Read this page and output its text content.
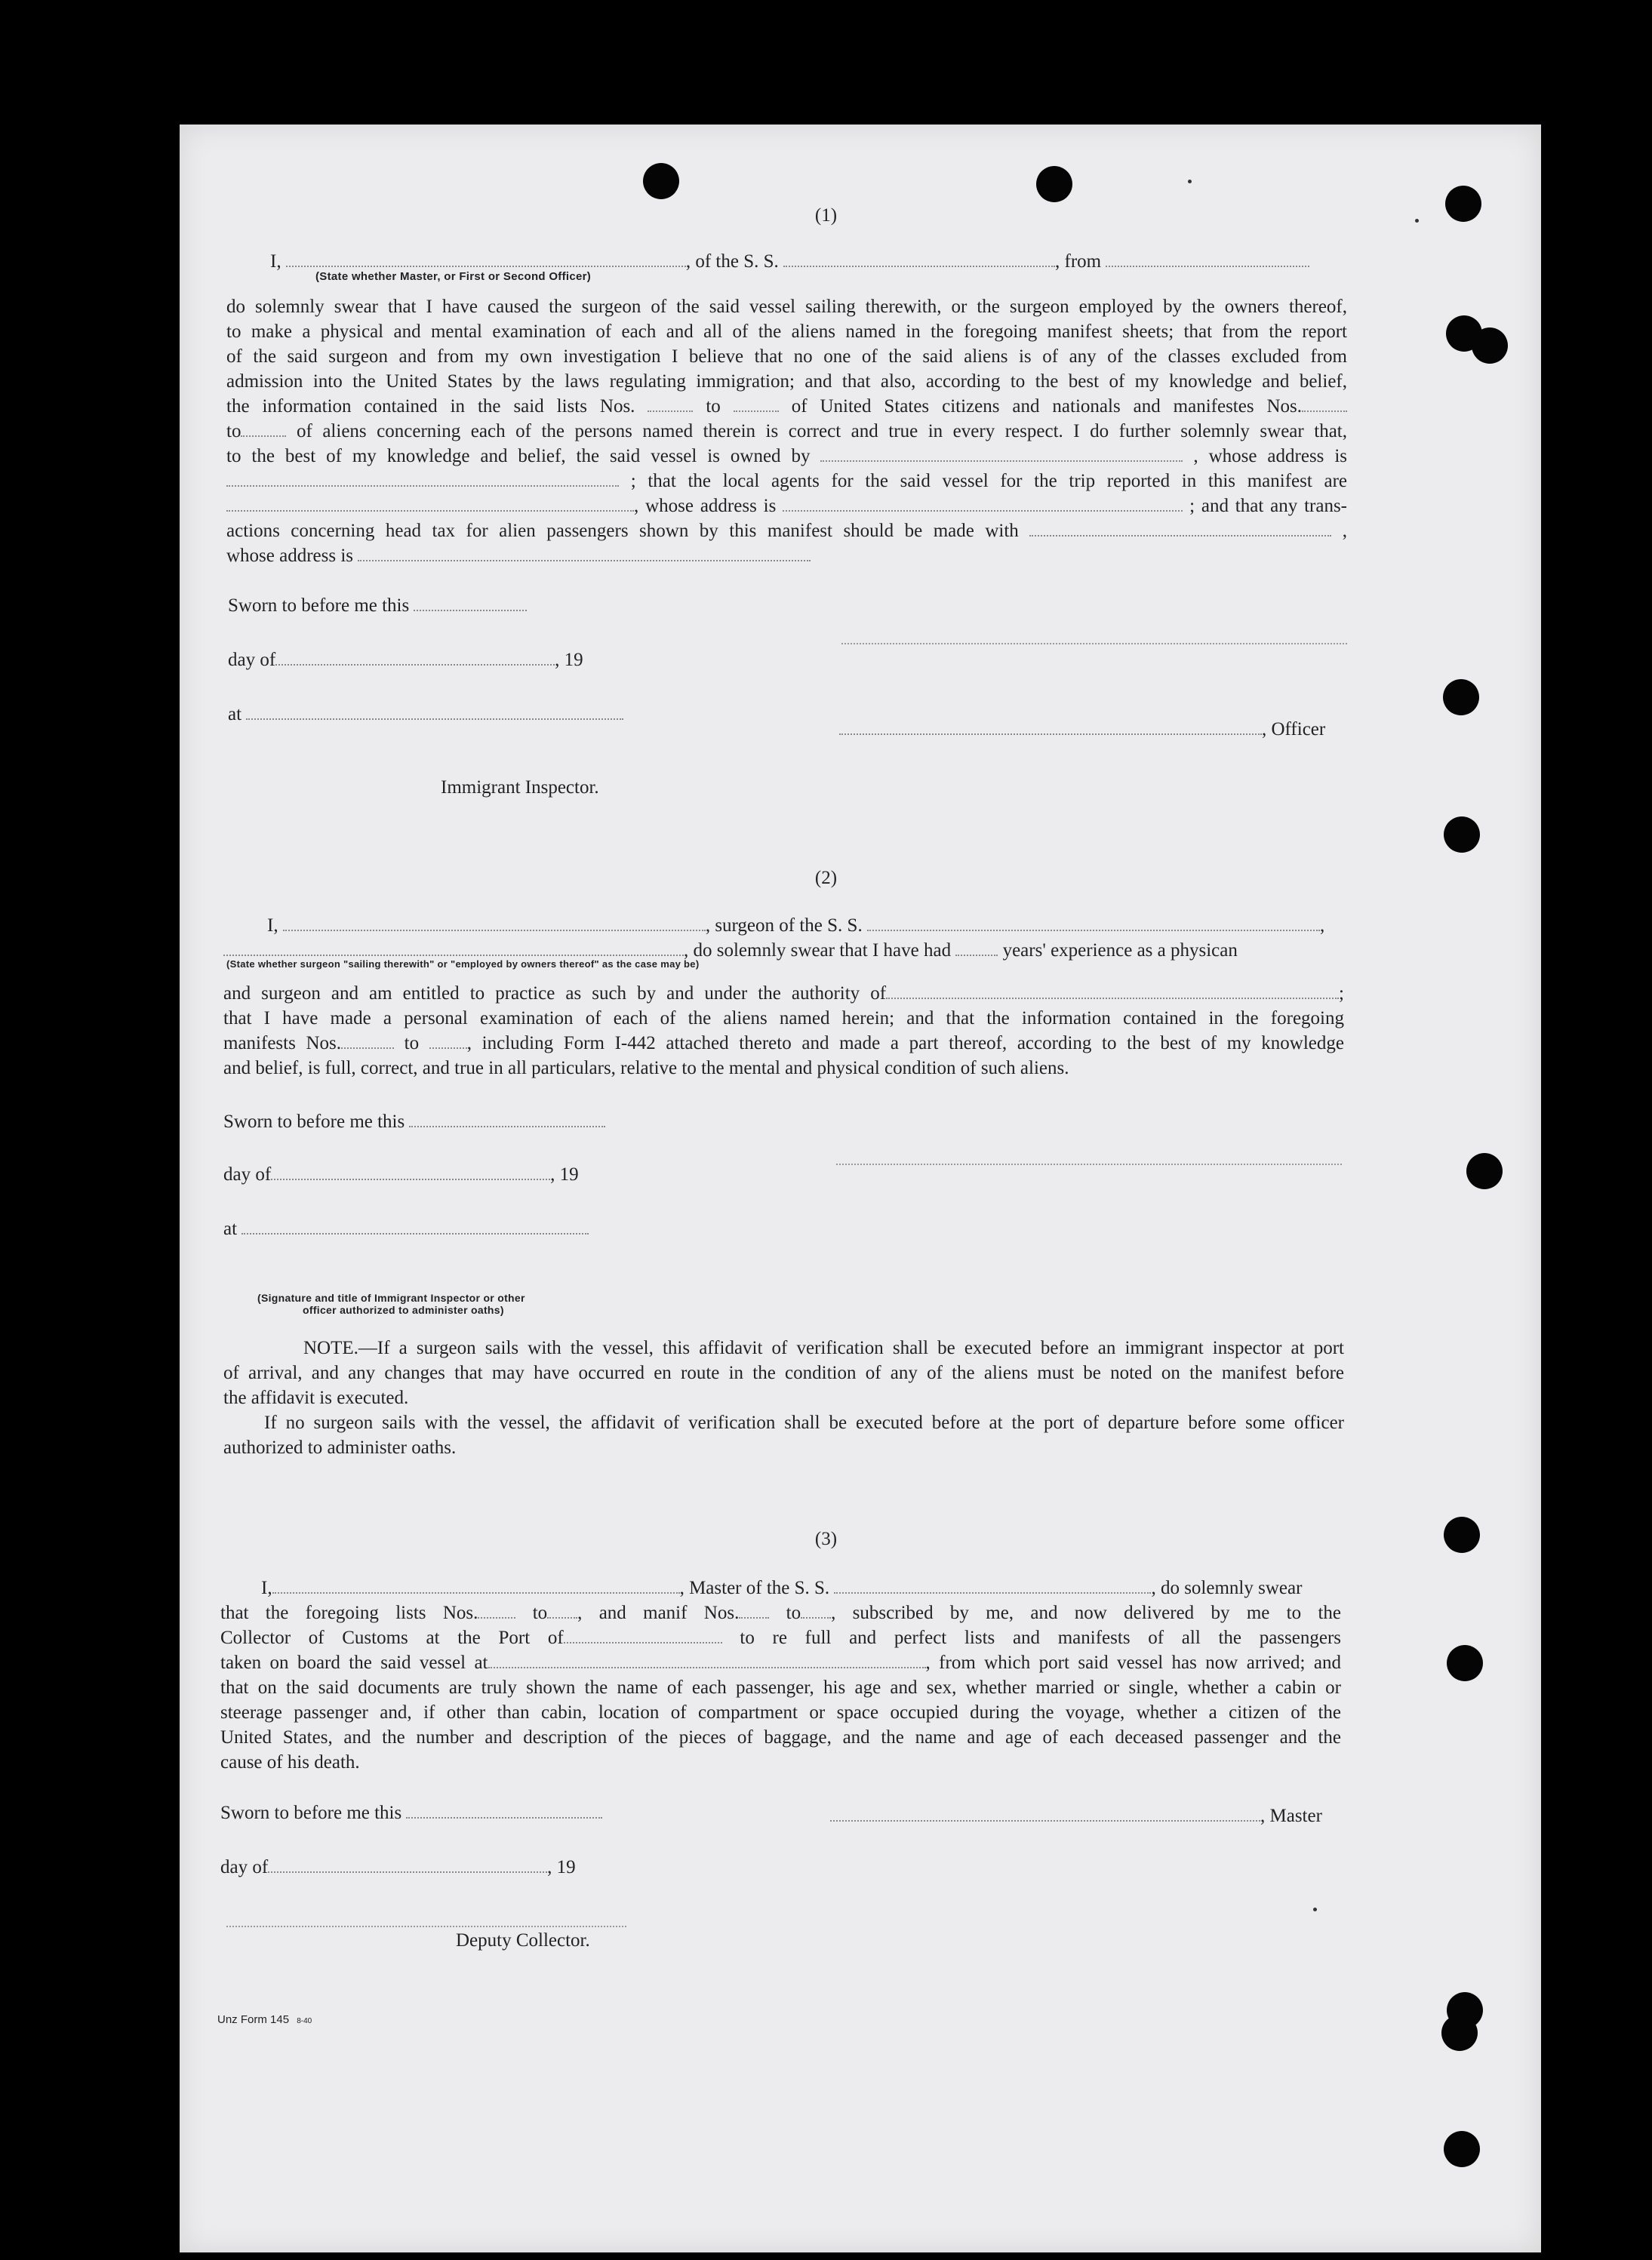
(1)
I,	, of the S. S.	, from
(State whether Master, or First or Second Officer)
do solemnly swear that I have caused the surgeon of the said vessel sailing therewith, or the surgeon employed by the owners thereof,
to make a physical and mental examination of each and all of the aliens named in the foregoing manifest sheets; that from the report
of the said surgeon and from my own investigation I believe that no one of the said aliens is of any of the classes excluded from
admission into the United States by the laws regulating immigration; and that also, according to the best of my knowledge and belief,
the information contained in the said lists Nos.	to	of United States citizens and nationals and manifestes Nos.
to	of aliens concerning each of the persons named therein is correct and true in every respect. I do further solemnly swear that,
to the best of my knowledge and belief, the said vessel is owned by	, whose address is
; that the local agents for the said vessel for the trip reported in this manifest are
, whose address is	; and that any trans-
actions concerning head tax for alien passengers shown by this manifest should be made with	,
whose address is
Sworn to before me this
day of	, 19
at
, Officer
Immigrant Inspector.
(2)
I,	, surgeon of the S. S.	,
, do solemnly swear that I have had	years' experience as a physican
(State whether surgeon "sailing therewith" or "employed by owners thereof" as the case may be)
and surgeon and am entitled to practice as such by and under the authority of	;
that I have made a personal examination of each of the aliens named herein; and that the information contained in the foregoing
manifests Nos.	to	, including Form I-442 attached thereto and made a part thereof, according to the best of my knowledge
and belief, is full, correct, and true in all particulars, relative to the mental and physical condition of such aliens.
Sworn to before me this
day of	, 19
at
(Signature and title of Immigrant Inspector or other
officer authorized to administer oaths)
NOTE.—If a surgeon sails with the vessel, this affidavit of verification shall be executed before an immigrant inspector at port
of arrival, and any changes that may have occurred en route in the condition of any of the aliens must be noted on the manifest before
the affidavit is executed.
If no surgeon sails with the vessel, the affidavit of verification shall be executed before at the port of departure before some officer
authorized to administer oaths.
(3)
I,	, Master of the S. S.	, do solemnly swear
that the foregoing lists Nos.	to , and manif Nos. to , subscribed by me, and now delivered by me to the
Collector of Customs at the Port of	to re full and perfect lists and manifests of all the passengers
taken on board the said vessel at	, from which port said vessel has now arrived; and
that on the said documents are truly shown the name of each passenger, his age and sex, whether married or single, whether a cabin or
steerage passenger and, if other than cabin, location of compartment or space occupied during the voyage, whether a citizen of the
United States, and the number and description of the pieces of baggage, and the name and age of each deceased passenger and the
cause of his death.
Sworn to before me this	, Master
day of	, 19
Deputy Collector.
Unz Form 145 8-40
